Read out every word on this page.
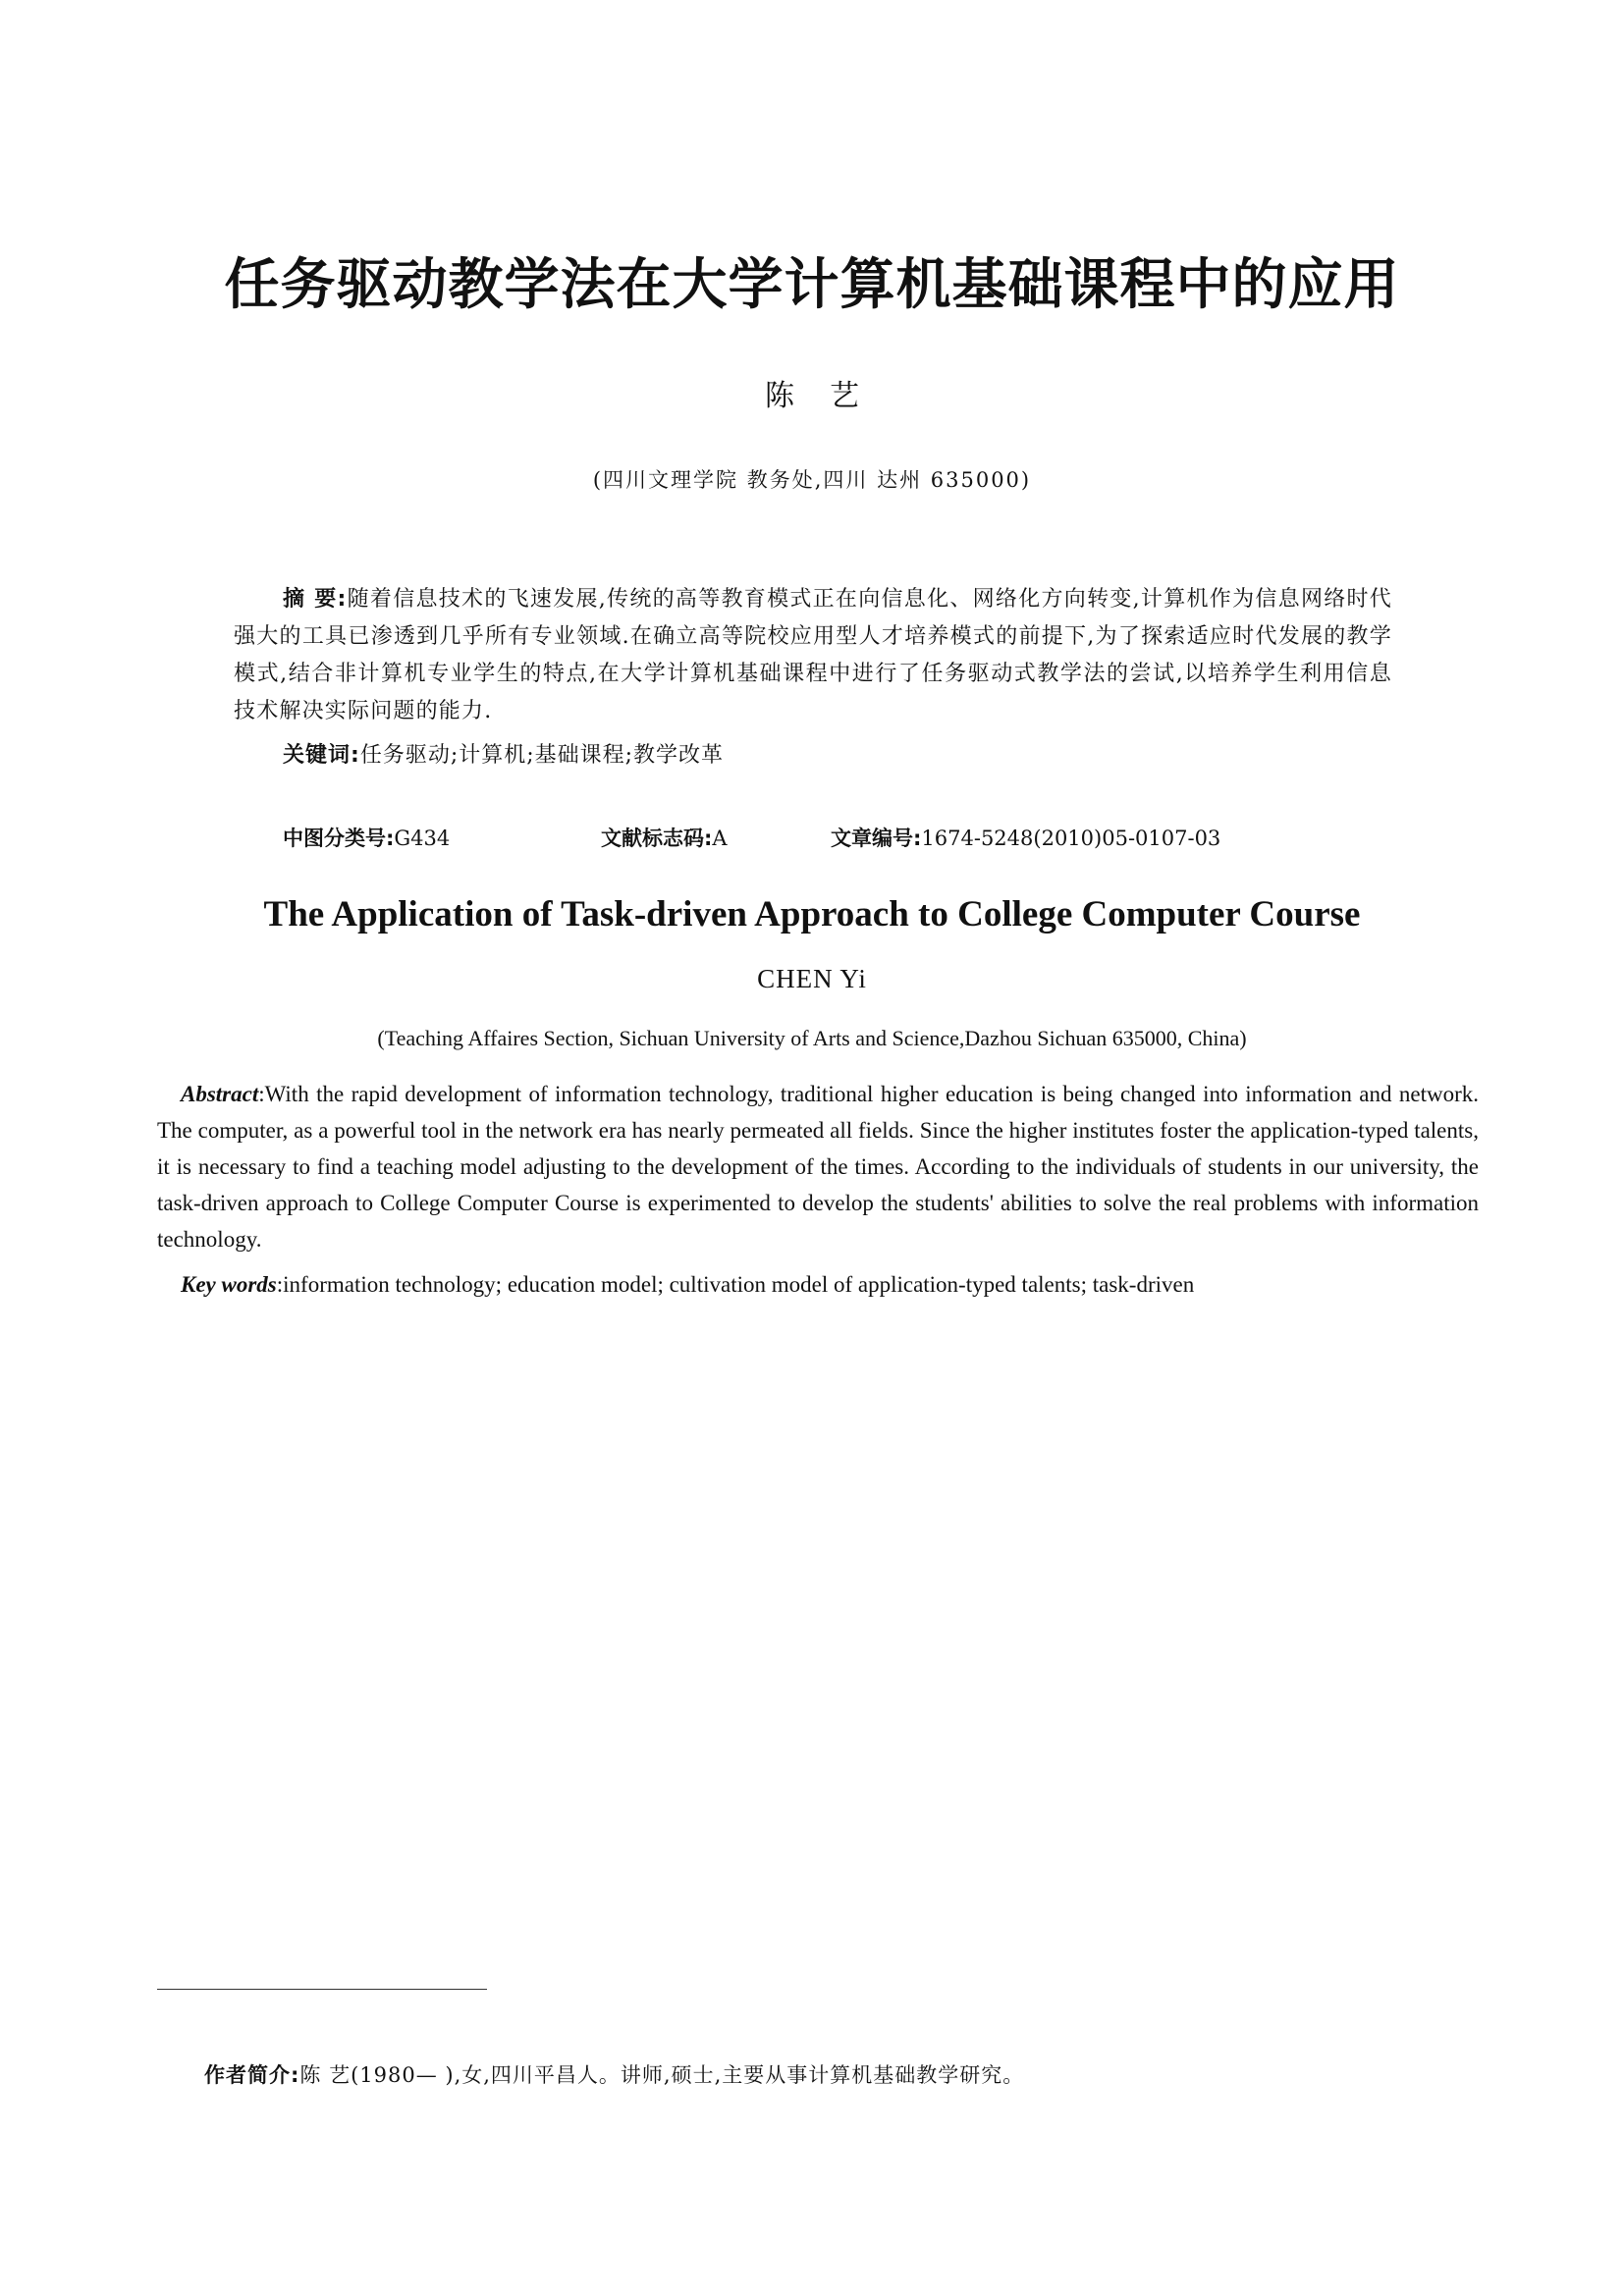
任务驱动教学法在大学计算机基础课程中的应用
陈艺
(四川文理学院 教务处,四川 达州 635000)
摘 要:随着信息技术的飞速发展,传统的高等教育模式正在向信息化、网络化方向转变,计算机作为信息网络时代强大的工具已渗透到几乎所有专业领域.在确立高等院校应用型人才培养模式的前提下,为了探索适应时代发展的教学模式,结合非计算机专业学生的特点,在大学计算机基础课程中进行了任务驱动式教学法的尝试,以培养学生利用信息技术解决实际问题的能力.
关键词:任务驱动;计算机;基础课程;教学改革
中图分类号:G434	文献标志码:A	文章编号:1674-5248(2010)05-0107-03
The Application of Task-driven Approach to College Computer Course
CHEN Yi
(Teaching Affaires Section, Sichuan University of Arts and Science,Dazhou Sichuan 635000, China)
Abstract:With the rapid development of information technology, traditional higher education is being changed into information and network. The computer, as a powerful tool in the network era has nearly permeated all fields. Since the higher institutes foster the application-typed talents, it is necessary to find a teaching model adjusting to the development of the times. According to the individuals of students in our university, the task-driven approach to College Computer Course is experimented to develop the students' abilities to solve the real problems with information technology.
Key words:information technology; education model; cultivation model of application-typed talents; task-driven
作者简介:陈 艺(1980— ),女,四川平昌人。讲师,硕士,主要从事计算机基础教学研究。
